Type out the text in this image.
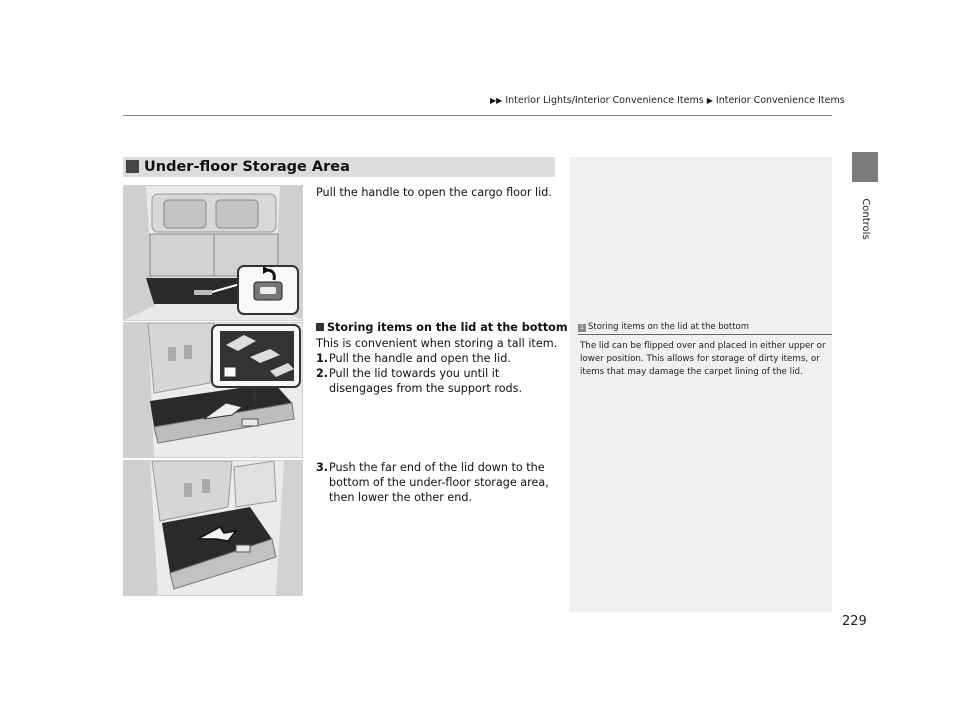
▶▶ Interior Lights/Interior Convenience Items ▶ Interior Convenience Items
Under-floor Storage Area
Pull the handle to open the cargo floor lid.
Storing items on the lid at the bottom
This is convenient when storing a tall item.
1. Pull the handle and open the lid.
2. Pull the lid towards you until it disengages from the support rods.
3. Push the far end of the lid down to the bottom of the under-floor storage area, then lower the other end.
1 Storing items on the lid at the bottom
The lid can be flipped over and placed in either upper or lower position. This allows for storage of dirty items, or items that may damage the carpet lining of the lid.
Controls
229
